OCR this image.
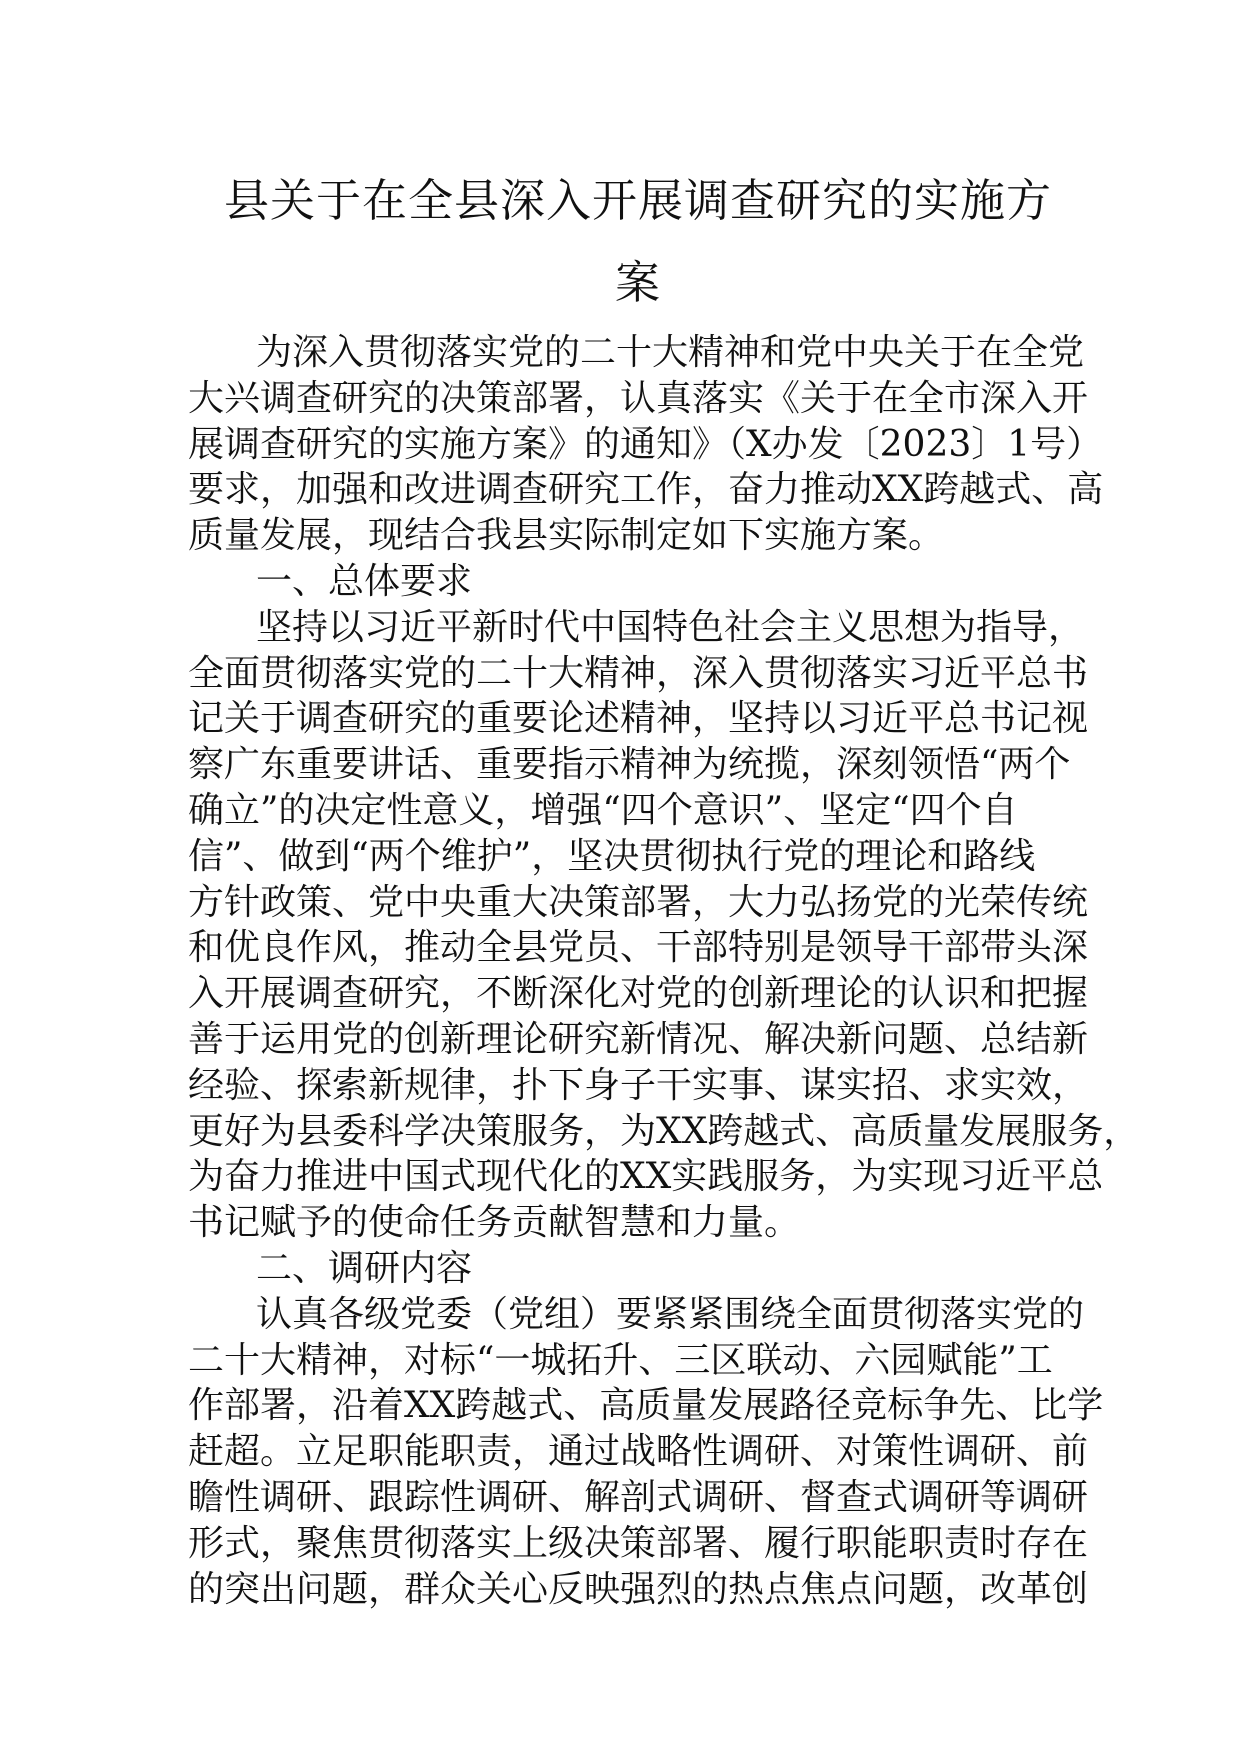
县关于在全县深入开展调查研究的实施方
案
为深入贯彻落实党的二十大精神和党中央关于在全党
大兴调查研究的决策部署，认真落实《关于在全市深入开
展调查研究的实施方案》的通知》（X办发〔2023〕1号）
要求，加强和改进调查研究工作，奋力推动XX跨越式、高
质量发展，现结合我县实际制定如下实施方案。
一、总体要求
坚持以习近平新时代中国特色社会主义思想为指导，
全面贯彻落实党的二十大精神，深入贯彻落实习近平总书
记关于调查研究的重要论述精神，坚持以习近平总书记视
察广东重要讲话、重要指示精神为统揽，深刻领悟“两个
确立”的决定性意义，增强“四个意识”、坚定“四个自
信”、做到“两个维护”，坚决贯彻执行党的理论和路线
方针政策、党中央重大决策部署，大力弘扬党的光荣传统
和优良作风，推动全县党员、干部特别是领导干部带头深
入开展调查研究，不断深化对党的创新理论的认识和把握
善于运用党的创新理论研究新情况、解决新问题、总结新
经验、探索新规律，扑下身子干实事、谋实招、求实效，
更好为县委科学决策服务，为XX跨越式、高质量发展服务，
为奋力推进中国式现代化的XX实践服务，为实现习近平总
书记赋予的使命任务贡献智慧和力量。
二、调研内容
认真各级党委（党组）要紧紧围绕全面贯彻落实党的
二十大精神，对标“一城拓升、三区联动、六园赋能”工
作部署，沿着XX跨越式、高质量发展路径竞标争先、比学
赶超。立足职能职责，通过战略性调研、对策性调研、前
瞻性调研、跟踪性调研、解剖式调研、督查式调研等调研
形式，聚焦贯彻落实上级决策部署、履行职能职责时存在
的突出问题，群众关心反映强烈的热点焦点问题，改革创
